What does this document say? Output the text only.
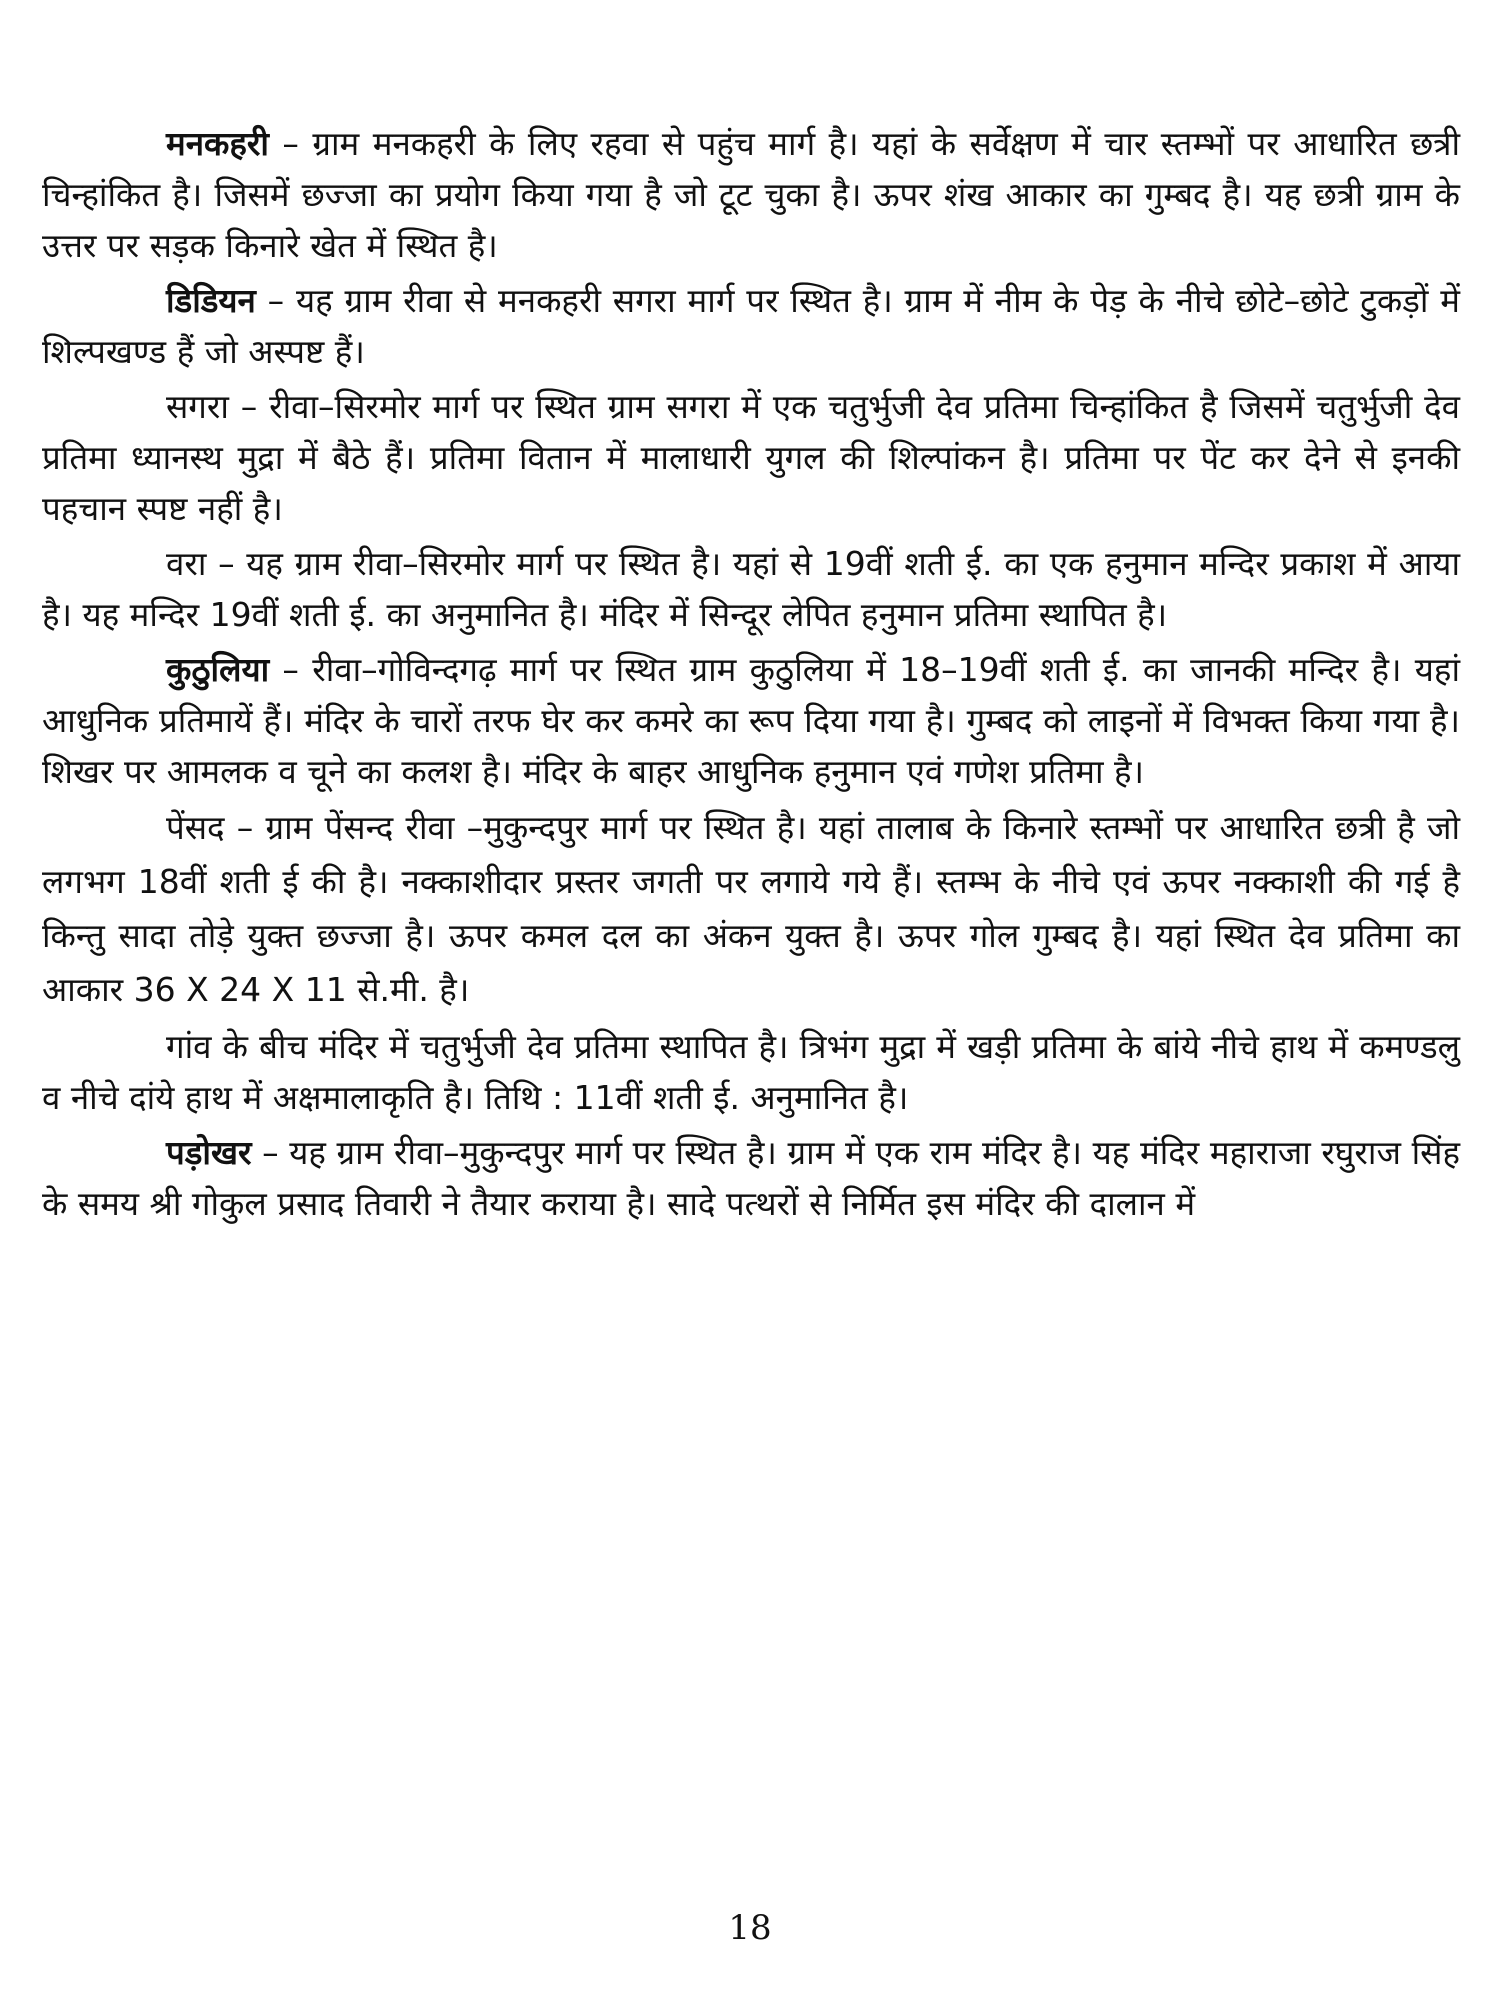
मनकहरी – ग्राम मनकहरी के लिए रहवा से पहुंच मार्ग है। यहां के सर्वेक्षण में चार स्तम्भों पर आधारित छत्री चिन्हांकित है। जिसमें छज्जा का प्रयोग किया गया है जो टूट चुका है। ऊपर शंख आकार का गुम्बद है। यह छत्री ग्राम के उत्तर पर सड़क किनारे खेत में स्थित है।

डिडियन – यह ग्राम रीवा से मनकहरी सगरा मार्ग पर स्थित है। ग्राम में नीम के पेड़ के नीचे छोटे–छोटे टुकड़ों में शिल्पखण्ड हैं जो अस्पष्ट हैं।

सगरा – रीवा–सिरमोर मार्ग पर स्थित ग्राम सगरा में एक चतुर्भुजी देव प्रतिमा चिन्हांकित है जिसमें चतुर्भुजी देव प्रतिमा ध्यानस्थ मुद्रा में बैठे हैं। प्रतिमा वितान में मालाधारी युगल की शिल्पांकन है। प्रतिमा पर पेंट कर देने से इनकी पहचान स्पष्ट नहीं है।

वरा – यह ग्राम रीवा–सिरमोर मार्ग पर स्थित है। यहां से 19वीं शती ई. का एक हनुमान मन्दिर प्रकाश में आया है। यह मन्दिर 19वीं शती ई. का अनुमानित है। मंदिर में सिन्दूर लेपित हनुमान प्रतिमा स्थापित है।

कुठुलिया – रीवा–गोविन्दगढ़ मार्ग पर स्थित ग्राम कुठुलिया में 18–19वीं शती ई. का जानकी मन्दिर है। यहां आधुनिक प्रतिमायें हैं। मंदिर के चारों तरफ घेर कर कमरे का रूप दिया गया है। गुम्बद को लाइनों में विभक्त किया गया है। शिखर पर आमलक व चूने का कलश है। मंदिर के बाहर आधुनिक हनुमान एवं गणेश प्रतिमा है।

पेंसद – ग्राम पेंसन्द रीवा –मुकुन्दपुर मार्ग पर स्थित है। यहां तालाब के किनारे स्तम्भों पर आधारित छत्री है जो लगभग 18वीं शती ई की है। नक्काशीदार प्रस्तर जगती पर लगाये गये हैं। स्तम्भ के नीचे एवं ऊपर नक्काशी की गई है किन्तु सादा तोड़े युक्त छज्जा है। ऊपर कमल दल का अंकन युक्त है। ऊपर गोल गुम्बद है। यहां स्थित देव प्रतिमा का आकार 36 X 24 X 11 से.मी. है।

गांव के बीच मंदिर में चतुर्भुजी देव प्रतिमा स्थापित है। त्रिभंग मुद्रा में खड़ी प्रतिमा के बांये नीचे हाथ में कमण्डलु व नीचे दांये हाथ में अक्षमालाकृति है। तिथि : 11वीं शती ई. अनुमानित है।

पड़ोखर – यह ग्राम रीवा–मुकुन्दपुर मार्ग पर स्थित है। ग्राम में एक राम मंदिर है। यह मंदिर महाराजा रघुराज सिंह के समय श्री गोकुल प्रसाद तिवारी ने तैयार कराया है। सादे पत्थरों से निर्मित इस मंदिर की दालान में

18
